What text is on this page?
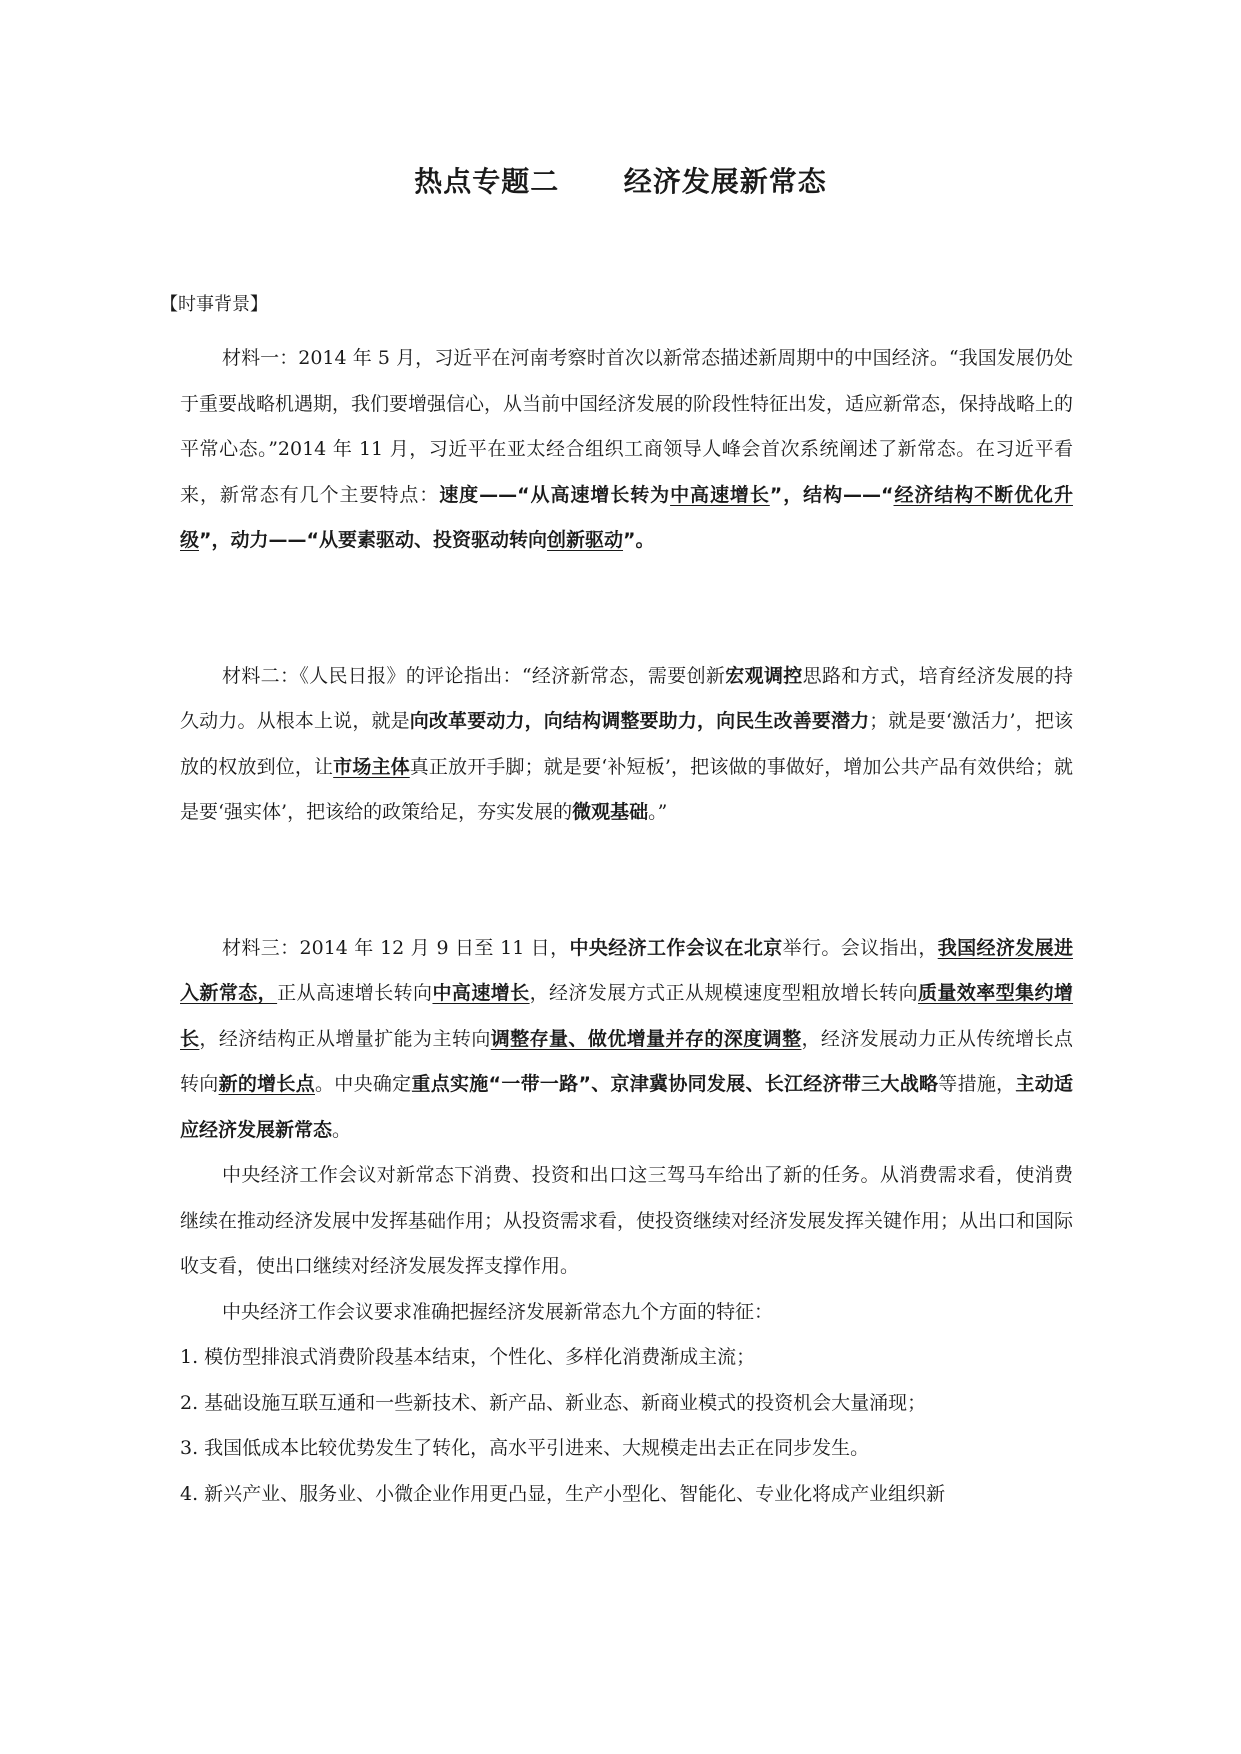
热点专题二      经济发展新常态
【时事背景】

材料一：2014 年 5 月，习近平在河南考察时首次以新常态描述新周期中的中国经济。“我国发展仍处于重要战略机遇期，我们要增强信心，从当前中国经济发展的阶段性特征出发，适应新常态，保持战略上的平常心态。”2014 年 11 月，习近平在亚太经合组织工商领导人峰会首次系统阐述了新常态。在习近平看来，新常态有几个主要特点：速度——“从高速增长转为中高速增长”，结构——“经济结构不断优化升级”，动力——“从要素驱动、投资驱动转向创新驱动”。

材料二：《人民日报》的评论指出：“经济新常态，需要创新宏观调控思路和方式，培育经济发展的持久动力。从根本上说，就是向改革要动力，向结构调整要助力，向民生改善要潜力；就是要‘激活力’，把该放的权放到位，让市场主体真正放开手脚；就是要‘补短板’，把该做的事做好，增加公共产品有效供给；就是要‘强实体’，把该给的政策给足，夯实发展的微观基础。”

材料三：2014 年 12 月 9 日至 11 日，中央经济工作会议在北京举行。会议指出，我国经济发展进入新常态，正从高速增长转向中高速增长，经济发展方式正从规模速度型粗放增长转向质量效率型集约增长，经济结构正从增量扩能为主转向调整存量、做优增量并存的深度调整，经济发展动力正从传统增长点转向新的增长点。中央确定重点实施“一带一路”、京津冀协同发展、长江经济带三大战略等措施，主动适应经济发展新常态。

中央经济工作会议对新常态下消费、投资和出口这三驾马车给出了新的任务。从消费需求看，使消费继续在推动经济发展中发挥基础作用；从投资需求看，使投资继续对经济发展发挥关键作用；从出口和国际收支看，使出口继续对经济发展发挥支撑作用。

中央经济工作会议要求准确把握经济发展新常态九个方面的特征：

1. 模仿型排浪式消费阶段基本结束，个性化、多样化消费渐成主流；

2. 基础设施互联互通和一些新技术、新产品、新业态、新商业模式的投资机会大量涌现；

3. 我国低成本比较优势发生了转化，高水平引进来、大规模走出去正在同步发生。

4. 新兴产业、服务业、小微企业作用更凸显，生产小型化、智能化、专业化将成产业组织新
